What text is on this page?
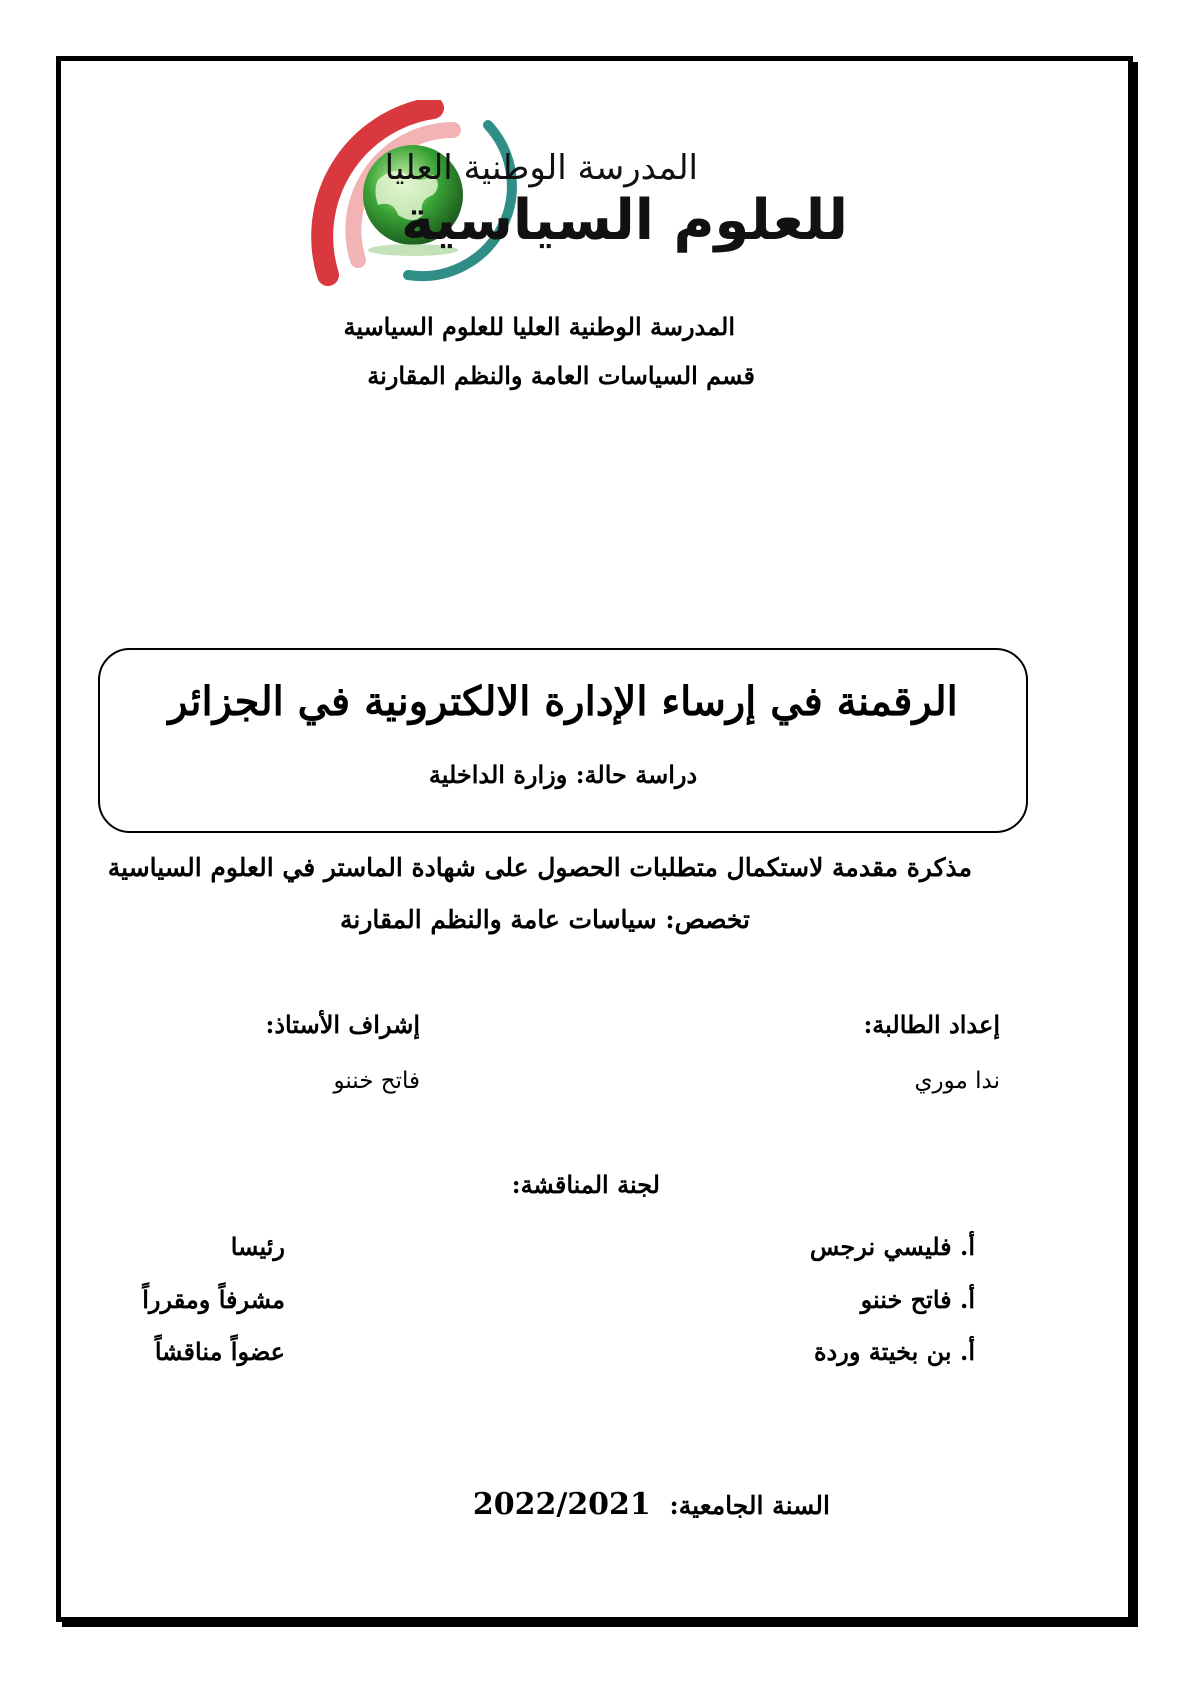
المدرسة الوطنية العليا
للعلوم السياسية
المدرسة الوطنية العليا للعلوم السياسية
قسم السياسات العامة والنظم المقارنة
الرقمنة في إرساء الإدارة الالكترونية في الجزائر
دراسة حالة: وزارة الداخلية
مذكرة مقدمة لاستكمال متطلبات الحصول على شهادة الماستر في العلوم السياسية
تخصص: سياسات عامة والنظم المقارنة
إعداد الطالبة:
ندا موري
إشراف الأستاذ:
فاتح خننو
لجنة المناقشة:
أ. فليسي نرجس
رئيسا
أ. فاتح خننو
مشرفاً ومقرراً
أ. بن بخيتة وردة
عضواً مناقشاً
السنة الجامعية: 2022/2021
